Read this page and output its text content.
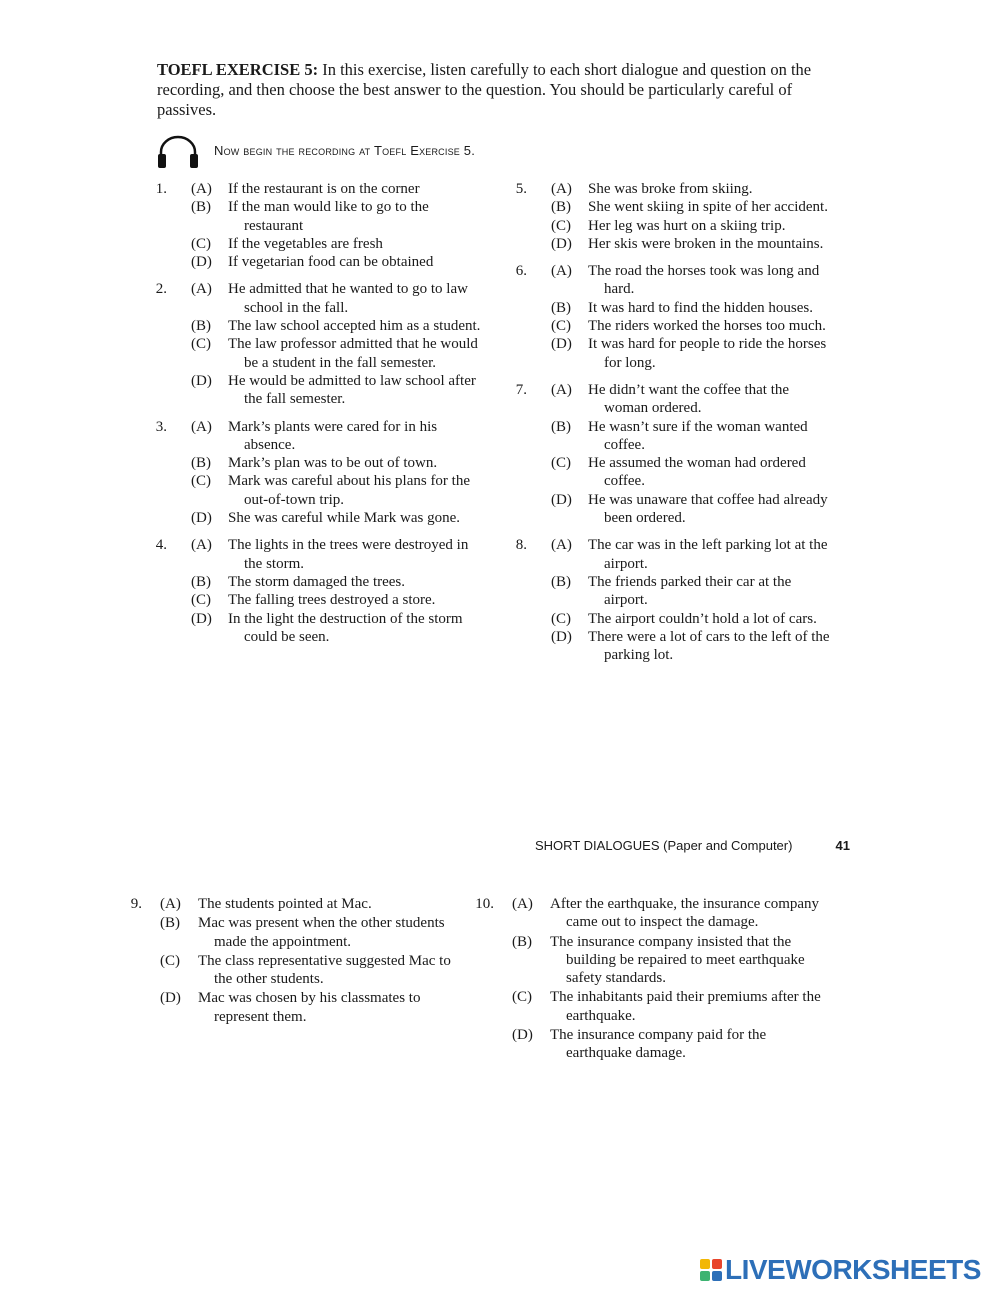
TOEFL EXERCISE 5: In this exercise, listen carefully to each short dialogue and question on the recording, and then choose the best answer to the question. You should be particularly careful of passives.
Now begin the recording at Toefl Exercise 5.
1. (A) If the restaurant is on the corner
(B) If the man would like to go to the restaurant
(C) If the vegetables are fresh
(D) If vegetarian food can be obtained
2. (A) He admitted that he wanted to go to law school in the fall.
(B) The law school accepted him as a student.
(C) The law professor admitted that he would be a student in the fall semester.
(D) He would be admitted to law school after the fall semester.
3. (A) Mark’s plants were cared for in his absence.
(B) Mark’s plan was to be out of town.
(C) Mark was careful about his plans for the out-of-town trip.
(D) She was careful while Mark was gone.
4. (A) The lights in the trees were destroyed in the storm.
(B) The storm damaged the trees.
(C) The falling trees destroyed a store.
(D) In the light the destruction of the storm could be seen.
5. (A) She was broke from skiing.
(B) She went skiing in spite of her accident.
(C) Her leg was hurt on a skiing trip.
(D) Her skis were broken in the mountains.
6. (A) The road the horses took was long and hard.
(B) It was hard to find the hidden houses.
(C) The riders worked the horses too much.
(D) It was hard for people to ride the horses for long.
7. (A) He didn’t want the coffee that the woman ordered.
(B) He wasn’t sure if the woman wanted coffee.
(C) He assumed the woman had ordered coffee.
(D) He was unaware that coffee had already been ordered.
8. (A) The car was in the left parking lot at the airport.
(B) The friends parked their car at the airport.
(C) The airport couldn’t hold a lot of cars.
(D) There were a lot of cars to the left of the parking lot.
SHORT DIALOGUES (Paper and Computer)	41
9. (A) The students pointed at Mac.
(B) Mac was present when the other students made the appointment.
(C) The class representative suggested Mac to the other students.
(D) Mac was chosen by his classmates to represent them.
10. (A) After the earthquake, the insurance company came out to inspect the damage.
(B) The insurance company insisted that the building be repaired to meet earthquake safety standards.
(C) The inhabitants paid their premiums after the earthquake.
(D) The insurance company paid for the earthquake damage.
LIVEWORKSHEETS
